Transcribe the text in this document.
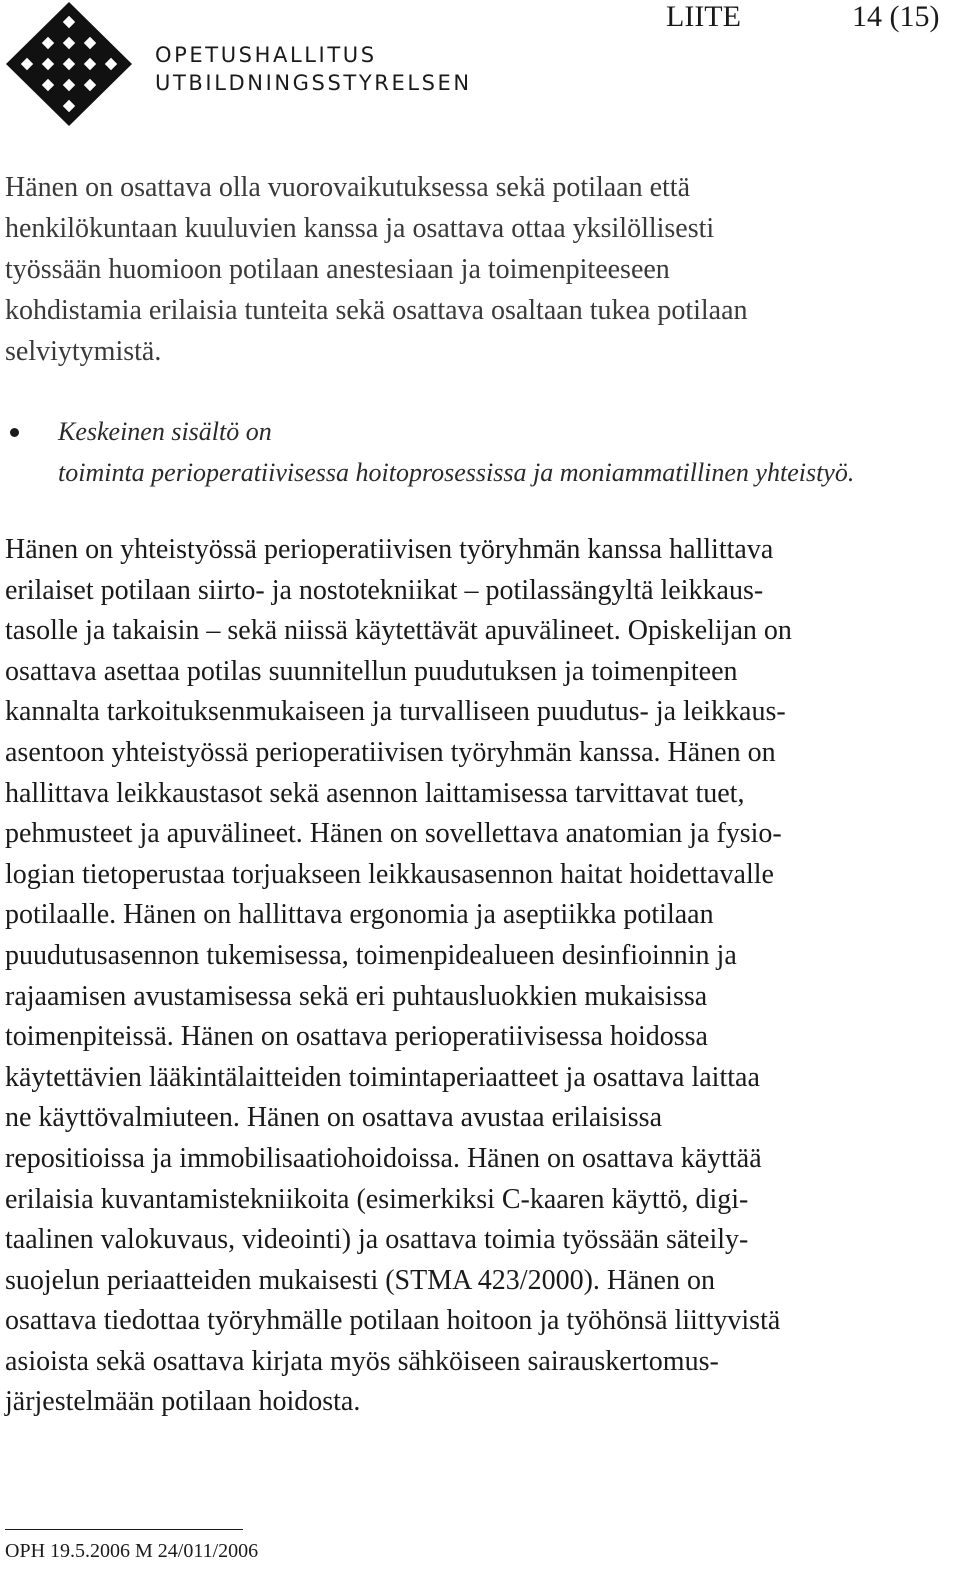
OPETUSHALLITUS
UTBILDNINGSSTYRELSEN
LIITE	14 (15)
Hänen on osattava olla vuorovaikutuksessa sekä potilaan että
henkilökuntaan kuuluvien kanssa ja osattava ottaa yksilöllisesti
työssään huomioon potilaan anestesiaan ja toimenpiteeseen
kohdistamia erilaisia tunteita sekä osattava osaltaan tukea potilaan
selviytymistä.
Keskeinen sisältö on
toiminta perioperatiivisessa hoitoprosessissa ja moniammatillinen yhteistyö.
Hänen on yhteistyössä perioperatiivisen työryhmän kanssa hallittava
erilaiset potilaan siirto- ja nostotekniikat – potilassängyltä leikkaus-
tasolle ja takaisin – sekä niissä käytettävät apuvälineet. Opiskelijan on
osattava asettaa potilas suunnitellun puudutuksen ja toimenpiteen
kannalta tarkoituksenmukaiseen ja turvalliseen puudutus- ja leikkaus-
asentoon yhteistyössä perioperatiivisen työryhmän kanssa. Hänen on
hallittava leikkaustasot sekä asennon laittamisessa tarvittavat tuet,
pehmusteet ja apuvälineet. Hänen on sovellettava anatomian ja fysio-
logian tietoperustaa torjuakseen leikkausasennon haitat hoidettavalle
potilaalle. Hänen on hallittava ergonomia ja aseptiikka potilaan
puudutusasennon tukemisessa, toimenpidealueen desinfioinnin ja
rajaamisen avustamisessa sekä eri puhtausluokkien mukaisissa
toimenpiteissä. Hänen on osattava perioperatiivisessa hoidossa
käytettävien lääkintälaitteiden toimintaperiaatteet ja osattava laittaa
ne käyttövalmiuteen. Hänen on osattava avustaa erilaisissa
repositioissa ja immobilisaatiohoidoissa. Hänen on osattava käyttää
erilaisia kuvantamistekniikoita (esimerkiksi C-kaaren käyttö, digi-
taalinen valokuvaus, videointi) ja osattava toimia työssään säteily-
suojelun periaatteiden mukaisesti (STMA 423/2000). Hänen on
osattava tiedottaa työryhmälle potilaan hoitoon ja työhönsä liittyvistä
asioista sekä osattava kirjata myös sähköiseen sairauskertomus-
järjestelmään potilaan hoidosta.
OPH 19.5.2006 M 24/011/2006
